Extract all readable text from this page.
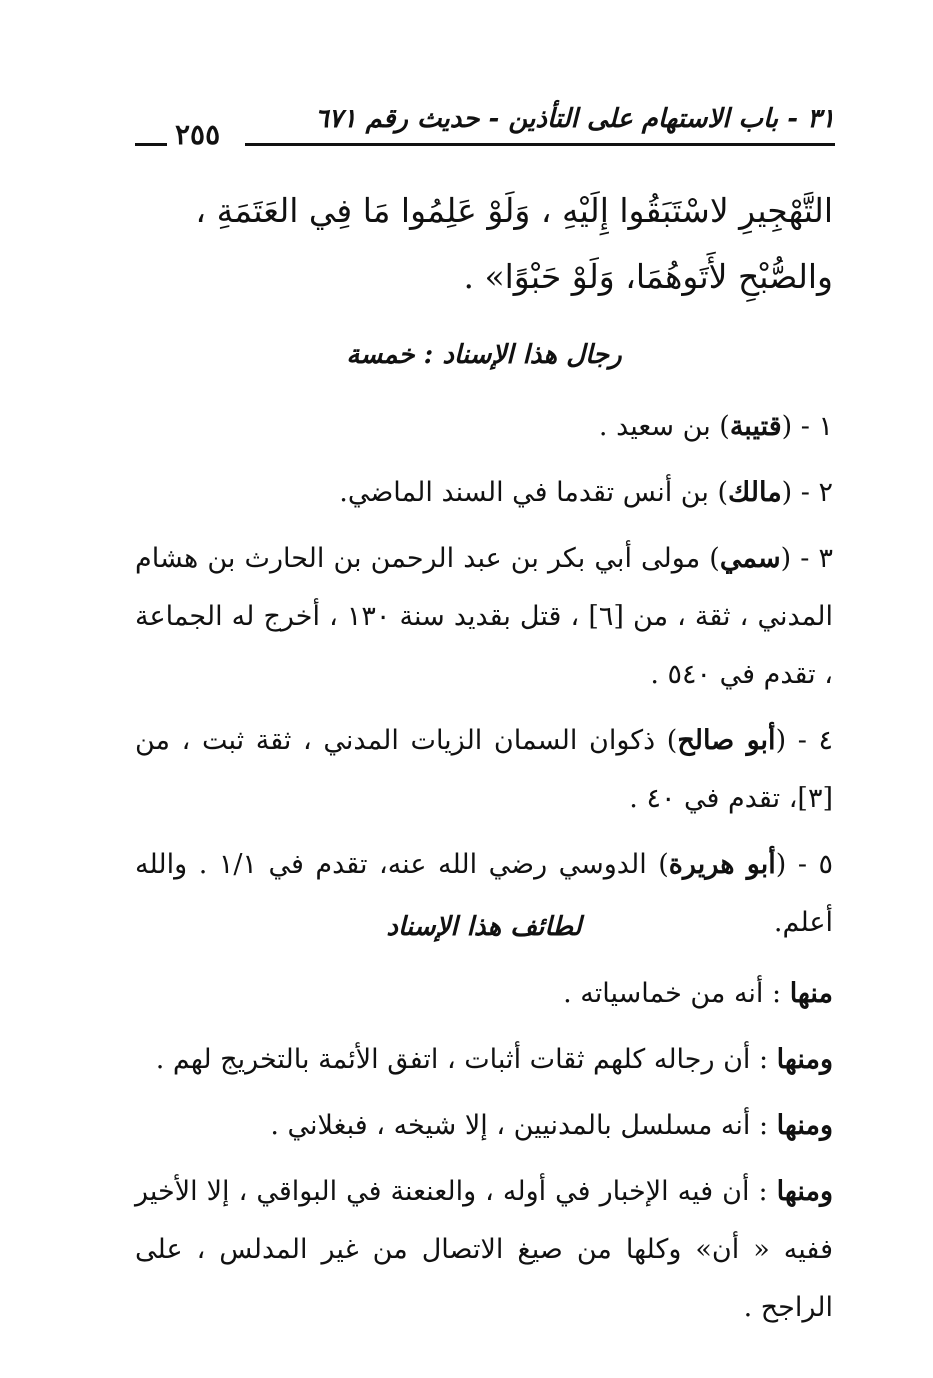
٣١ - باب الاستهام على التأذين - حديث رقم ٦٧١
٢٥٥
التَّهْجِيرِ لاسْتَبَقُوا إِلَيْهِ ، وَلَوْ عَلِمُوا مَا فِي العَتَمَةِ ، والصُّبْحِ لأَتَوهُمَا، وَلَوْ حَبْوًا» .
رجال هذا الإسناد : خمسة
١ - (قتيبة) بن سعيد .
٢ - (مالك) بن أنس تقدما في السند الماضي.
٣ - (سمي) مولى أبي بكر بن عبد الرحمن بن الحارث بن هشام المدني ، ثقة ، من [٦] ، قتل بقديد سنة ١٣٠ ، أخرج له الجماعة ، تقدم في ٥٤٠ .
٤ - (أبو صالح) ذكوان السمان الزيات المدني ، ثقة ثبت ، من [٣]، تقدم في ٤٠ .
٥ - (أبو هريرة) الدوسي رضي الله عنه، تقدم في ١/١ . والله أعلم.
لطائف هذا الإسناد
منها : أنه من خماسياته .
ومنها : أن رجاله كلهم ثقات أثبات ، اتفق الأئمة بالتخريج لهم .
ومنها : أنه مسلسل بالمدنيين ، إلا شيخه ، فبغلاني .
ومنها : أن فيه الإخبار في أوله ، والعنعنة في البواقي ، إلا الأخير ففيه « أن» وكلها من صيغ الاتصال من غير المدلس ، على الراجح .
